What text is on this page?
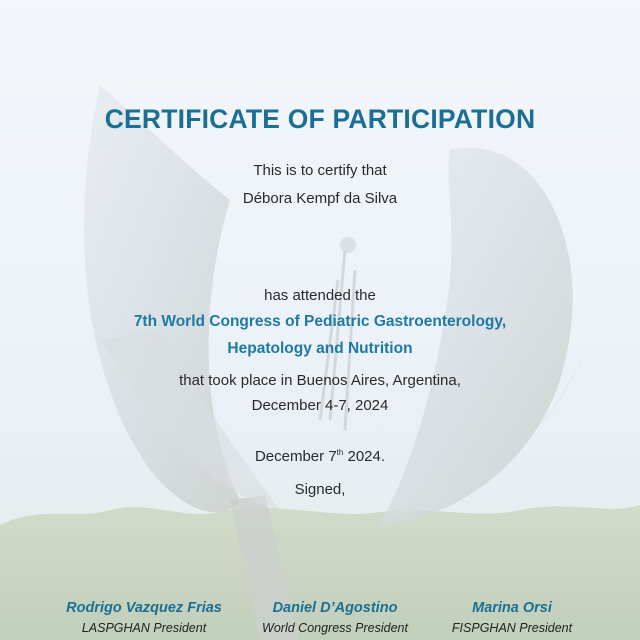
CERTIFICATE OF PARTICIPATION
This is to certify that
Débora Kempf da Silva
has attended the
7th World Congress of Pediatric Gastroenterology,
Hepatology and Nutrition
that took place in Buenos Aires, Argentina,
December 4-7, 2024
December 7th 2024.
Signed,
Rodrigo Vazquez Frias
LASPGHAN President
Daniel D’Agostino
World Congress President
Marina Orsi
FISPGHAN President
